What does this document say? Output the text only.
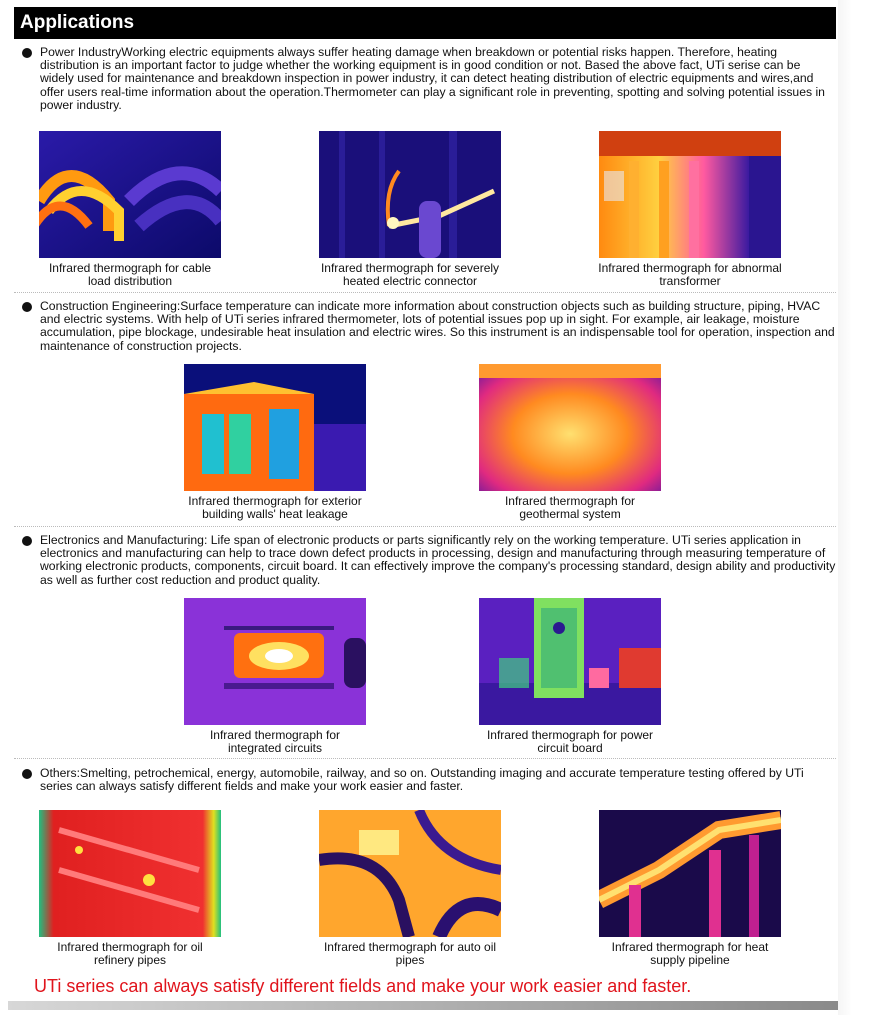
Applications

Power IndustryWorking electric equipments always suffer heating damage when breakdown or potential risks happen. Therefore, heating distribution is an important factor to judge whether the working equipment is in good condition or not. Based the above fact, UTi serise can be widely used for maintenance and breakdown inspection in power industry, it can detect heating distribution of electric equipments and wires,and offer users real-time information about the operation.Thermometer can play a significant role in preventing, spotting and solving potential issues in power industry.

Infrared thermograph for cable load distribution
Infrared thermograph for severely heated electric connector
Infrared thermograph for abnormal transformer

Construction Engineering:Surface temperature can indicate more information about construction objects such as building structure, piping, HVAC and electric systems. With help of UTi series infrared thermometer, lots of potential issues pop up in sight. For example, air leakage, moisture accumulation, pipe blockage, undesirable heat insulation and electric wires. So this instrument is an indispensable tool for operation, inspection and maintenance of construction projects.

Infrared thermograph for exterior building walls' heat leakage
Infrared thermograph for geothermal system

Electronics and Manufacturing: Life span of electronic products or parts significantly rely on the working temperature. UTi series application in electronics and manufacturing can help to trace down defect products in processing, design and manufacturing through measuring temperature of working electronic products, components, circuit board. It can effectively improve the company's processing standard, design ability and productivity as well as further cost reduction and product quality.

Infrared thermograph for integrated circuits
Infrared thermograph for power circuit board

Others:Smelting, petrochemical, energy, automobile, railway, and so on. Outstanding imaging and accurate temperature testing offered by UTi series can always satisfy different fields and make your work easier and faster.

Infrared thermograph for oil refinery pipes
Infrared thermograph for auto oil pipes
Infrared thermograph for heat supply pipeline
UTi series can always satisfy different fields and make your work easier and faster.
